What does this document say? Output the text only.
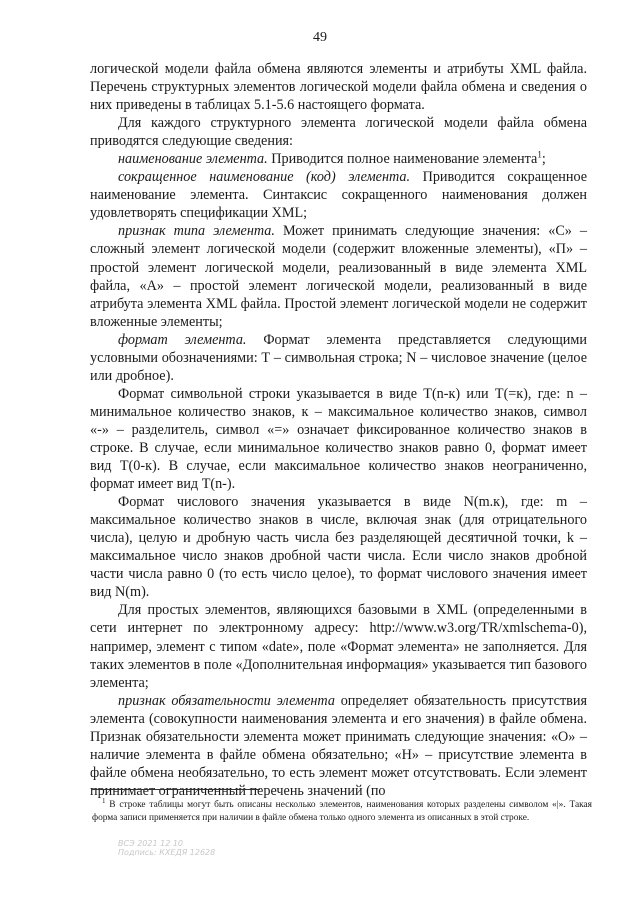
49

логической модели файла обмена являются элементы и атрибуты XML файла. Перечень структурных элементов логической модели файла обмена и сведения о них приведены в таблицах 5.1-5.6 настоящего формата.

Для каждого структурного элемента логической модели файла обмена приводятся следующие сведения:

наименование элемента. Приводится полное наименование элемента$^1$;

сокращенное наименование (код) элемента. Приводится сокращенное наименование элемента. Синтаксис сокращенного наименования должен удовлетворять спецификации XML;

признак типа элемента. Может принимать следующие значения: «С» – сложный элемент логической модели (содержит вложенные элементы), «П» – простой элемент логической модели, реализованный в виде элемента XML файла, «А» – простой элемент логической модели, реализованный в виде атрибута элемента XML файла. Простой элемент логической модели не содержит вложенные элементы;

формат элемента. Формат элемента представляется следующими условными обозначениями: Т – символьная строка; N – числовое значение (целое или дробное).

Формат символьной строки указывается в виде Т(n-к) или Т(=к), где: n – минимальное количество знаков, к – максимальное количество знаков, символ «-» – разделитель, символ «=» означает фиксированное количество знаков в строке. В случае, если минимальное количество знаков равно 0, формат имеет вид Т(0-к). В случае, если максимальное количество знаков неограниченно, формат имеет вид Т(n-).

Формат числового значения указывается в виде N(m.к), где: m – максимальное количество знаков в числе, включая знак (для отрицательного числа), целую и дробную часть числа без разделяющей десятичной точки, k – максимальное число знаков дробной части числа. Если число знаков дробной части числа равно 0 (то есть число целое), то формат числового значения имеет вид N(m).

Для простых элементов, являющихся базовыми в XML (определенными в сети интернет по электронному адресу: http://www.w3.org/TR/xmlschema-0), например, элемент с типом «date», поле «Формат элемента» не заполняется. Для таких элементов в поле «Дополнительная информация» указывается тип базового элемента;

признак обязательности элемента определяет обязательность присутствия элемента (совокупности наименования элемента и его значения) в файле обмена. Признак обязательности элемента может принимать следующие значения: «О» – наличие элемента в файле обмена обязательно; «Н» – присутствие элемента в файле обмена необязательно, то есть элемент может отсутствовать. Если элемент принимает ограниченный перечень значений (по

$^1$ В строке таблицы могут быть описаны несколько элементов, наименования которых разделены символом «|». Такая форма записи применяется при наличии в файле обмена только одного элемента из описанных в этой строке.
ВСЭ 2021 12 10
Подпись: КХЕДЯ 12628
